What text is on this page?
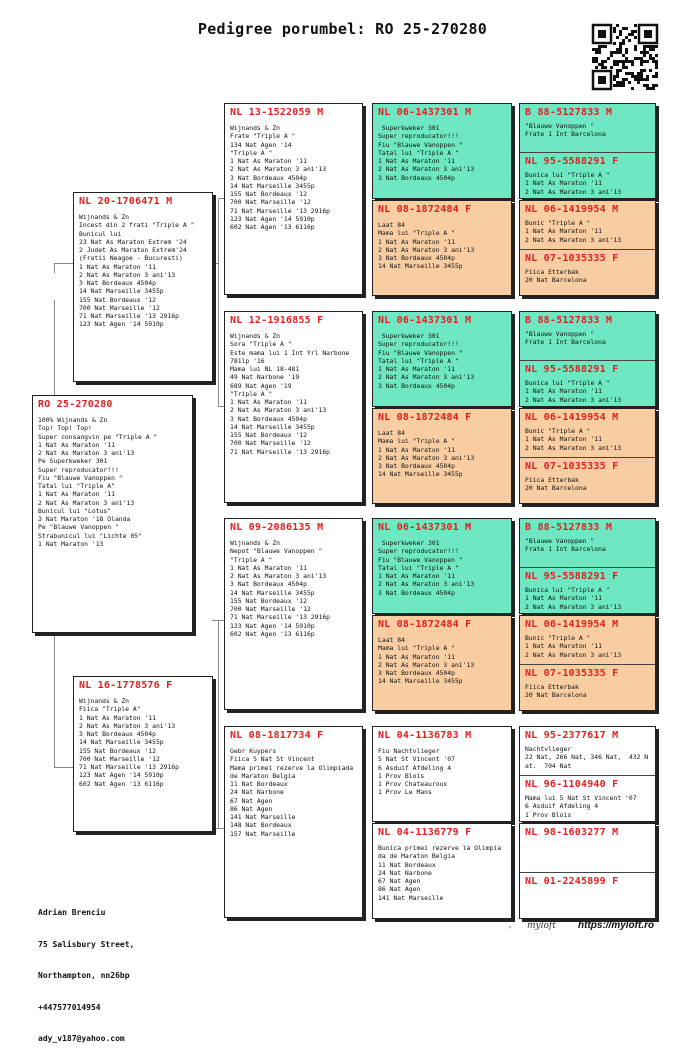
Pedigree porumbel: RO 25-270280
RO 25-270280
100% Wijnands & Zn
Top! Top! Top!
Super consangvin pe "Triple A "
1 Nat As Maraton '11
2 Nat As Maraton 3 ani'13
Pe Superkweker 301
Super reproducator!!!
Fiu "Blauwe Vanoppen "
Tatal lui "Triple A"
1 Nat As Maraton '11
2 Nat As Maraton 3 ani'13
Bunicul lui "Lotus"
3 Nat Maraton '18 Olanda
Pe "Blauwe Vanoppen "
Strabunicul lui "Lichte 05"
1 Nat Maraton '13
NL 20-1706471 M
Wijnands & Zn
Incest din 2 frati "Triple A "
Bunicul lui
23 Nat As Maraton Extrem '24
2 Judet As Maraton Extrem'24
(Fratii Neagoe - Bucuresti)
1 Nat As Maraton '11
2 Nat As Maraton 3 ani'13
3 Nat Bordeaux 4504p
14 Nat Marseille 3455p
155 Nat Bordeaux '12
700 Nat Marseille '12
71 Nat Marseille '13 2916p
123 Nat Agen '14 5910p
NL 16-1778576 F
Wijnands & Zn
Fiica "Triple A"
1 Nat As Maraton '11
2 Nat As Maraton 3 ani'13
3 Nat Bordeaux 4504p
14 Nat Marseille 3455p
155 Nat Bordeaux '12
700 Nat Marseille '12
71 Nat Marseille '13 2916p
123 Nat Agen '14 5910p
602 Nat Agen '13 6116p
NL 13-1522059 M
Wijnands & Zn
Frate "Triple A "
134 Nat Agen '14
"Triple A "
1 Nat As Maraton '11
2 Nat As Maraton 3 ani'13
3 Nat Bordeaux 4504p
14 Nat Marseille 3455p
155 Nat Bordeaux '12
700 Nat Marseille '12
71 Nat Marseille '13 2916p
123 Nat Agen '14 5910p
602 Nat Agen '13 6116p
NL 12-1916855 F
Wijnands & Zn
Sora "Triple A "
Este mama lui 1 Int Yrl Narbone
781lp '16
Mama lui NL 18-481
49 Nat Narbone '19
689 Nat Agen '19
"Triple A "
1 Nat As Maraton '11
2 Nat As Maraton 3 ani'13
3 Nat Bordeaux 4504p
14 Nat Marseille 3455p
155 Nat Bordeaux '12
700 Nat Marseille '12
71 Nat Marseille '13 2916p
NL 09-2086135 M
Wijnands & Zn
Nepot "Blauwe Vanoppen "
"Triple A "
1 Nat As Maraton '11
2 Nat As Maraton 3 ani'13
3 Nat Bordeaux 4504p
14 Nat Marseille 3455p
155 Nat Bordeaux '12
700 Nat Marseille '12
71 Nat Marseille '13 2916p
123 Nat Agen '14 5910p
602 Nat Agen '13 6116p
NL 08-1817734 F
Gebr Kuypers
Fiica 5 Nat St Vincent
Mama primei rezerve la Olimpiada
de Maraton Belgia
11 Nat Bordeaux
24 Nat Narbone
67 Nat Agen
86 Nat Agen
141 Nat Marseille
148 Nat Bordeaux
157 Nat Marseille
NL 06-1437301 M
Superkweker 301
Super reproducator!!!
Fiu "Blauwe Vanoppen "
Tatal lui "Triple A "
1 Nat As Maraton '11
2 Nat As Maraton 3 ani'13
3 Nat Bordeaux 4504p
NL 08-1872484 F
Laat 84
Mama lui "Triple A "
1 Nat As Maraton '11
2 Nat As Maraton 3 ani'13
3 Nat Bordeaux 4504p
14 Nat Marseille 3455p
NL 06-1437301 M
Superkweker 301
Super reproducator!!!
Fiu "Blauwe Vanoppen "
Tatal lui "Triple A "
1 Nat As Maraton '11
2 Nat As Maraton 3 ani'13
3 Nat Bordeaux 4504p
NL 08-1872484 F
Laat 84
Mama lui "Triple A "
1 Nat As Maraton '11
2 Nat As Maraton 3 ani'13
3 Nat Bordeaux 4504p
14 Nat Marseille 3455p
NL 06-1437301 M
Superkweker 301
Super reproducator!!!
Fiu "Blauwe Vanoppen "
Tatal lui "Triple A "
1 Nat As Maraton '11
2 Nat As Maraton 3 ani'13
3 Nat Bordeaux 4504p
NL 08-1872484 F
Laat 84
Mama lui "Triple A "
1 Nat As Maraton '11
2 Nat As Maraton 3 ani'13
3 Nat Bordeaux 4504p
14 Nat Marseille 3455p
NL 04-1136783 M
Fiu Nachtvlieger
5 Nat St Vincent '07
6 Asduif Afdeling 4
1 Prov Blois
1 Prov Chateauroux
1 Prov Le Mans
NL 04-1136779 F
Bunica primei rezerve la Olimpia
da de Maraton Belgia
11 Nat Bordeaux
24 Nat Narbone
67 Nat Agen
86 Nat Agen
141 Nat Marseille
B 88-5127833 M
"Blauwe Vanoppen "
Frate 1 Int Barcelona
NL 95-5588291 F
Bunica lui "Triple A "
1 Nat As Maraton '11
2 Nat As Maraton 3 ani'13
NL 06-1419954 M
Bunic "Triple A "
1 Nat As Maraton '11
2 Nat As Maraton 3 ani'13
NL 07-1035335 F
Fiica Etterbak
20 Nat Barcelona
B 88-5127833 M
"Blauwe Vanoppen "
Frate 1 Int Barcelona
NL 95-5588291 F
Bunica lui "Triple A "
1 Nat As Maraton '11
2 Nat As Maraton 3 ani'13
NL 06-1419954 M
Bunic "Triple A "
1 Nat As Maraton '11
2 Nat As Maraton 3 ani'13
NL 07-1035335 F
Fiica Etterbak
20 Nat Barcelona
B 88-5127833 M
"Blauwe Vanoppen "
Frate 1 Int Barcelona
NL 95-5588291 F
Bunica lui "Triple A "
1 Nat As Maraton '11
2 Nat As Maraton 3 ani'13
NL 06-1419954 M
Bunic "Triple A "
1 Nat As Maraton '11
2 Nat As Maraton 3 ani'13
NL 07-1035335 F
Fiica Etterbak
20 Nat Barcelona
NL 95-2377617 M
Nachtvlieger
22 Nat, 266 Nat, 346 Nat,  432 N
at.  704 Nat
NL 96-1104940 F
Mama lui 5 Nat St Vincent '07
6 Asduif Afdeling 4
1 Prov Blois
NL 98-1603277 M
NL 01-2245899 F

Adrian Brenciu

75 Salisbury Street,

Northampton, nn26bp

+447577014954

ady_v187@yahoo.com

myloft https://myloft.ro
